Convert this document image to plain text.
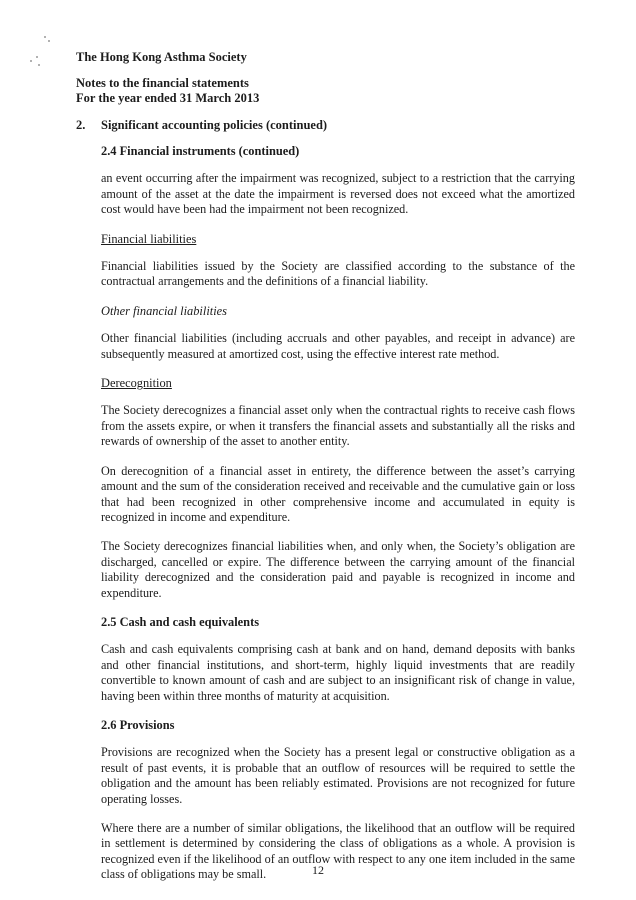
The Hong Kong Asthma Society
Notes to the financial statements
For the year ended 31 March 2013
2. Significant accounting policies (continued)

2.4 Financial instruments (continued)

an event occurring after the impairment was recognized, subject to a restriction that the carrying amount of the asset at the date the impairment is reversed does not exceed what the amortized cost would have been had the impairment not been recognized.

Financial liabilities

Financial liabilities issued by the Society are classified according to the substance of the contractual arrangements and the definitions of a financial liability.

Other financial liabilities

Other financial liabilities (including accruals and other payables, and receipt in advance) are subsequently measured at amortized cost, using the effective interest rate method.

Derecognition

The Society derecognizes a financial asset only when the contractual rights to receive cash flows from the assets expire, or when it transfers the financial assets and substantially all the risks and rewards of ownership of the asset to another entity.

On derecognition of a financial asset in entirety, the difference between the asset’s carrying amount and the sum of the consideration received and receivable and the cumulative gain or loss that had been recognized in other comprehensive income and accumulated in equity is recognized in income and expenditure.

The Society derecognizes financial liabilities when, and only when, the Society’s obligation are discharged, cancelled or expire. The difference between the carrying amount of the financial liability derecognized and the consideration paid and payable is recognized in income and expenditure.

2.5 Cash and cash equivalents

Cash and cash equivalents comprising cash at bank and on hand, demand deposits with banks and other financial institutions, and short-term, highly liquid investments that are readily convertible to known amount of cash and are subject to an insignificant risk of change in value, having been within three months of maturity at acquisition.

2.6 Provisions

Provisions are recognized when the Society has a present legal or constructive obligation as a result of past events, it is probable that an outflow of resources will be required to settle the obligation and the amount has been reliably estimated. Provisions are not recognized for future operating losses.

Where there are a number of similar obligations, the likelihood that an outflow will be required in settlement is determined by considering the class of obligations as a whole. A provision is recognized even if the likelihood of an outflow with respect to any one item included in the same class of obligations may be small.	12
